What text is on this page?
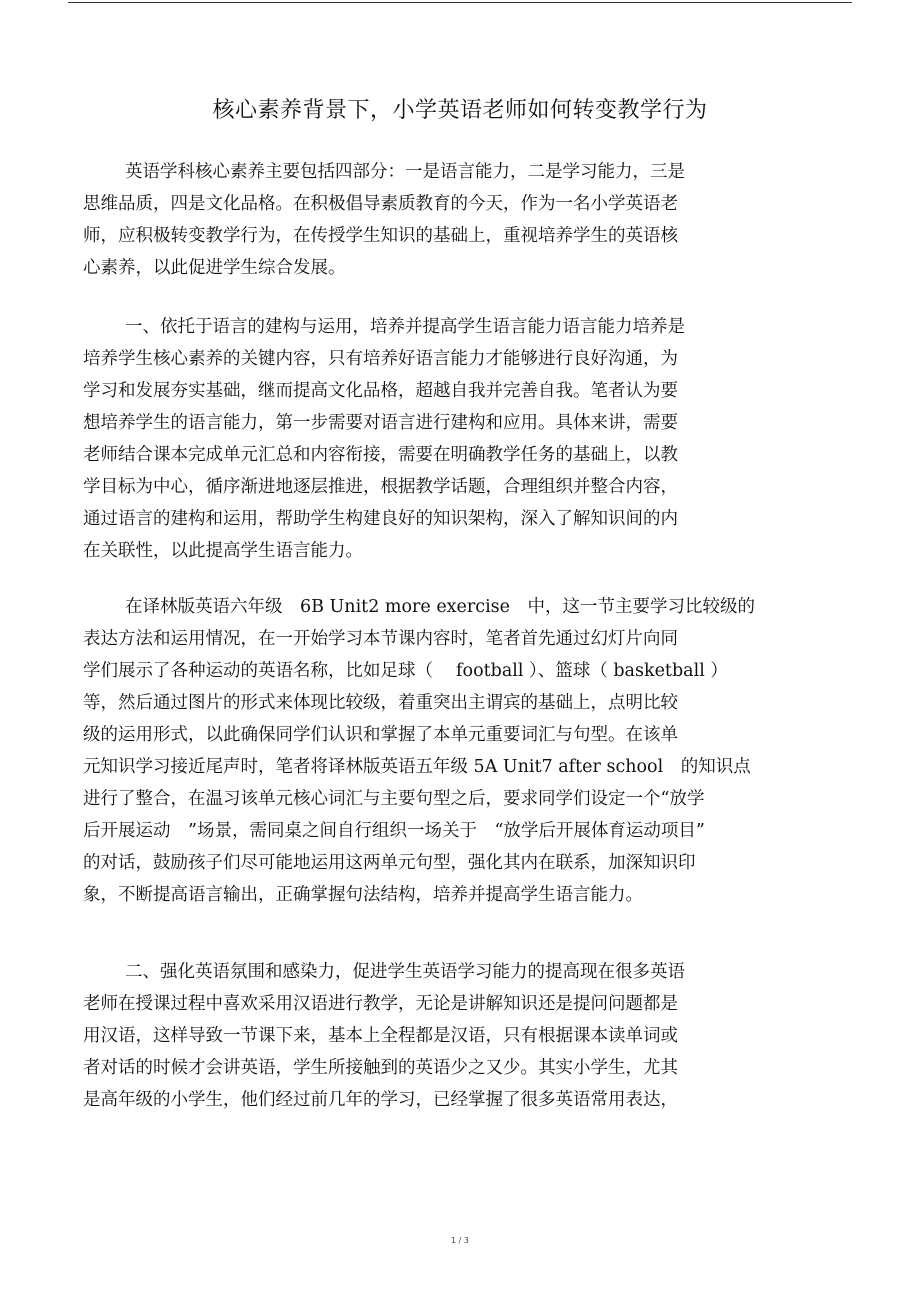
核心素养背景下，小学英语老师如何转变教学行为
英语学科核心素养主要包括四部分：一是语言能力，二是学习能力，三是
思维品质，四是文化品格。在积极倡导素质教育的今天，作为一名小学英语老
师，应积极转变教学行为，在传授学生知识的基础上，重视培养学生的英语核
心素养，以此促进学生综合发展。
一、依托于语言的建构与运用，培养并提高学生语言能力语言能力培养是
培养学生核心素养的关键内容，只有培养好语言能力才能够进行良好沟通，为
学习和发展夯实基础，继而提高文化品格，超越自我并完善自我。笔者认为要
想培养学生的语言能力，第一步需要对语言进行建构和应用。具体来讲，需要
老师结合课本完成单元汇总和内容衔接，需要在明确教学任务的基础上，以教
学目标为中心，循序渐进地逐层推进，根据教学话题，合理组织并整合内容，
通过语言的建构和运用，帮助学生构建良好的知识架构，深入了解知识间的内
在关联性，以此提高学生语言能力。
在译林版英语六年级　6B Unit2 more exercise　中，这一节主要学习比较级的
表达方法和运用情况，在一开始学习本节课内容时，笔者首先通过幻灯片向同
学们展示了各种运动的英语名称，比如足球（　 football ）、篮球（ basketball ）
等，然后通过图片的形式来体现比较级，着重突出主谓宾的基础上，点明比较
级的运用形式，以此确保同学们认识和掌握了本单元重要词汇与句型。在该单
元知识学习接近尾声时，笔者将译林版英语五年级 5A Unit7 after school　的知识点
进行了整合，在温习该单元核心词汇与主要句型之后，要求同学们设定一个“放学
后开展运动　”场景，需同桌之间自行组织一场关于　“放学后开展体育运动项目”
的对话，鼓励孩子们尽可能地运用这两单元句型，强化其内在联系，加深知识印
象，不断提高语言输出，正确掌握句法结构，培养并提高学生语言能力。
二、强化英语氛围和感染力，促进学生英语学习能力的提高现在很多英语
老师在授课过程中喜欢采用汉语进行教学，无论是讲解知识还是提问问题都是
用汉语，这样导致一节课下来，基本上全程都是汉语，只有根据课本读单词或
者对话的时候才会讲英语，学生所接触到的英语少之又少。其实小学生，尤其
是高年级的小学生，他们经过前几年的学习，已经掌握了很多英语常用表达，
1 / 3
